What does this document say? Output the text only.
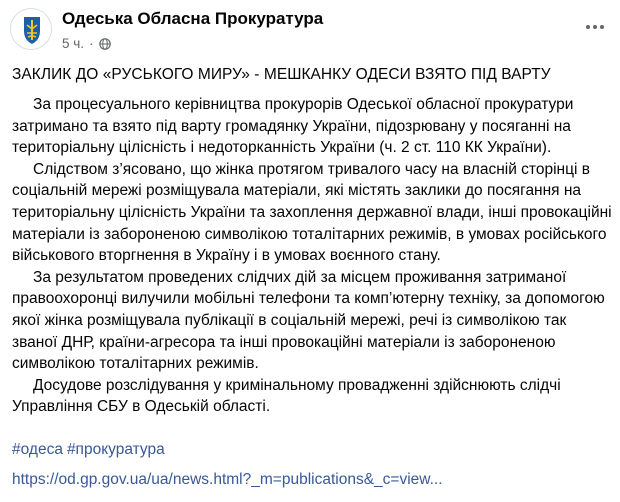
Одеська Обласна Прокуратура
5 ч. ·
ЗАКЛИК ДО «РУСЬКОГО МИРУ» - МЕШКАНКУ ОДЕСИ ВЗЯТО ПІД ВАРТУ

За процесуального керівництва прокурорів Одеської обласної прокуратури затримано та взято під варту громадянку України, підозрювану у посяганні на територіальну цілісність і недоторканність України (ч. 2 ст. 110 КК України).

Слідством з’ясовано, що жінка протягом тривалого часу на власній сторінці в соціальній мережі розміщувала матеріали, які містять заклики до посягання на територіальну цілісність України та захоплення державної влади, інші провокаційні матеріали із забороненою символікою тоталітарних режимів, в умовах російського військового вторгнення в Україну і в умовах воєнного стану.

За результатом проведених слідчих дій за місцем проживання затриманої правоохоронці вилучили мобільні телефони та комп’ютерну техніку, за допомогою якої жінка розміщувала публікації в соціальній мережі, речі із символікою так званої ДНР, країни-агресора та інші провокаційні матеріали із забороненою символікою тоталітарних режимів.

Досудове розслідування у кримінальному провадженні здійснюють слідчі Управління СБУ в Одеській області.

#одеса #прокуратура
https://od.gp.gov.ua/ua/news.html?_m=publications&_c=view...
